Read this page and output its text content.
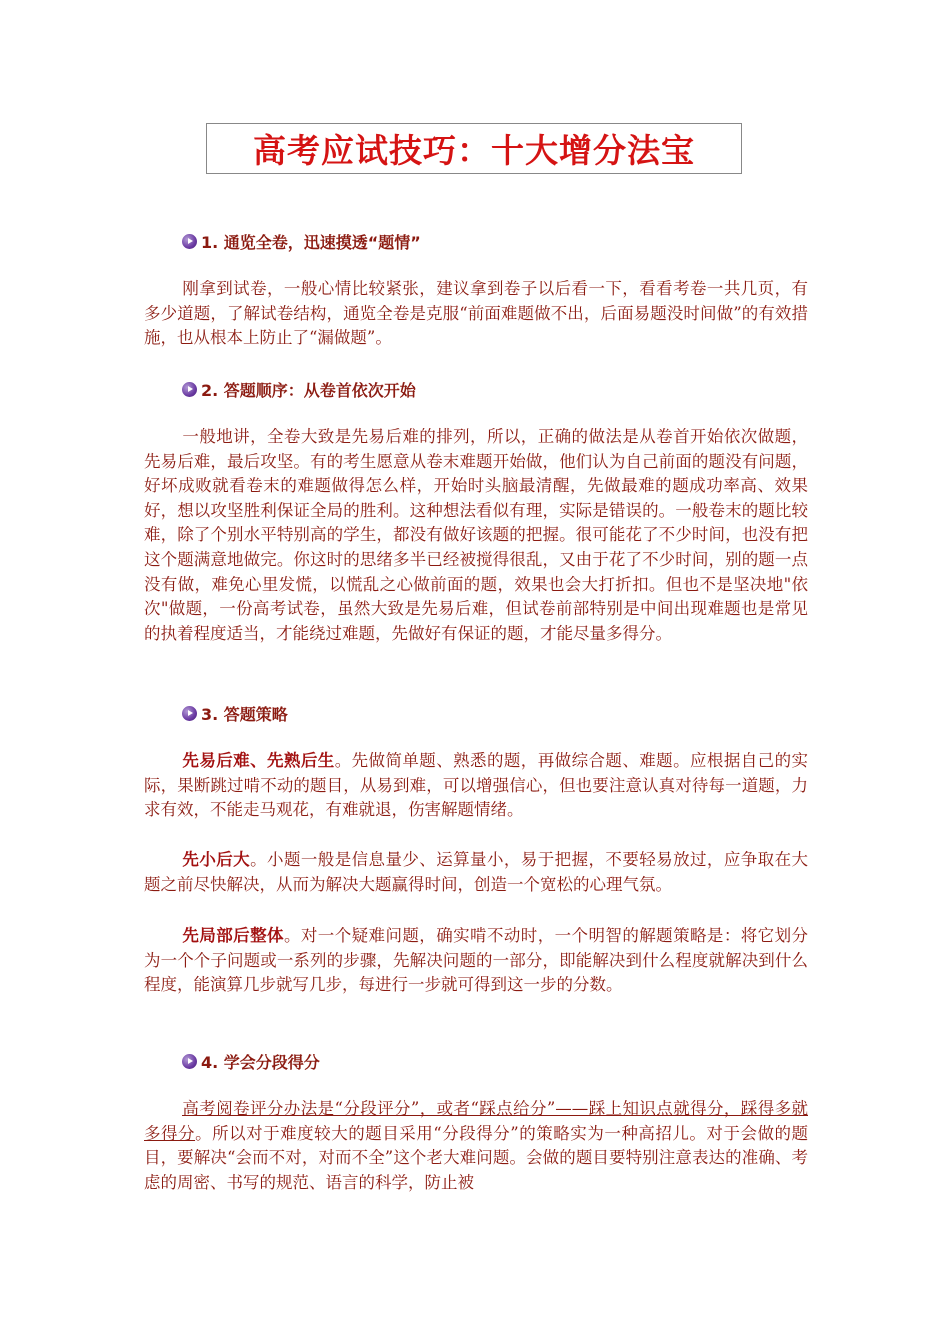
高考应试技巧：十大增分法宝
1. 通览全卷，迅速摸透“题情”

刚拿到试卷，一般心情比较紧张，建议拿到卷子以后看一下，看看考卷一共几页，有多少道题，了解试卷结构，通览全卷是克服“前面难题做不出，后面易题没时间做”的有效措施，也从根本上防止了“漏做题”。

2. 答题顺序：从卷首依次开始

一般地讲，全卷大致是先易后难的排列，所以，正确的做法是从卷首开始依次做题，先易后难，最后攻坚。有的考生愿意从卷末难题开始做，他们认为自己前面的题没有问题，好坏成败就看卷末的难题做得怎么样，开始时头脑最清醒，先做最难的题成功率高、效果好，想以攻坚胜利保证全局的胜利。这种想法看似有理，实际是错误的。一般卷末的题比较难，除了个别水平特别高的学生，都没有做好该题的把握。很可能花了不少时间，也没有把这个题满意地做完。你这时的思绪多半已经被搅得很乱，又由于花了不少时间，别的题一点没有做，难免心里发慌，以慌乱之心做前面的题，效果也会大打折扣。但也不是坚决地"依次"做题，一份高考试卷，虽然大致是先易后难，但试卷前部特别是中间出现难题也是常见的执着程度适当，才能绕过难题，先做好有保证的题，才能尽量多得分。

3. 答题策略

先易后难、先熟后生。先做简单题、熟悉的题，再做综合题、难题。应根据自己的实际，果断跳过啃不动的题目，从易到难，可以增强信心，但也要注意认真对待每一道题，力求有效，不能走马观花，有难就退，伤害解题情绪。

先小后大。小题一般是信息量少、运算量小，易于把握，不要轻易放过，应争取在大题之前尽快解决，从而为解决大题赢得时间，创造一个宽松的心理气氛。

先局部后整体。对一个疑难问题，确实啃不动时，一个明智的解题策略是：将它划分为一个个子问题或一系列的步骤，先解决问题的一部分，即能解决到什么程度就解决到什么程度，能演算几步就写几步，每进行一步就可得到这一步的分数。

4. 学会分段得分

高考阅卷评分办法是“分段评分”，或者“踩点给分”——踩上知识点就得分，踩得多就多得分。所以对于难度较大的题目采用“分段得分”的策略实为一种高招儿。对于会做的题目，要解决“会而不对，对而不全”这个老大难问题。会做的题目要特别注意表达的准确、考虑的周密、书写的规范、语言的科学，防止被
